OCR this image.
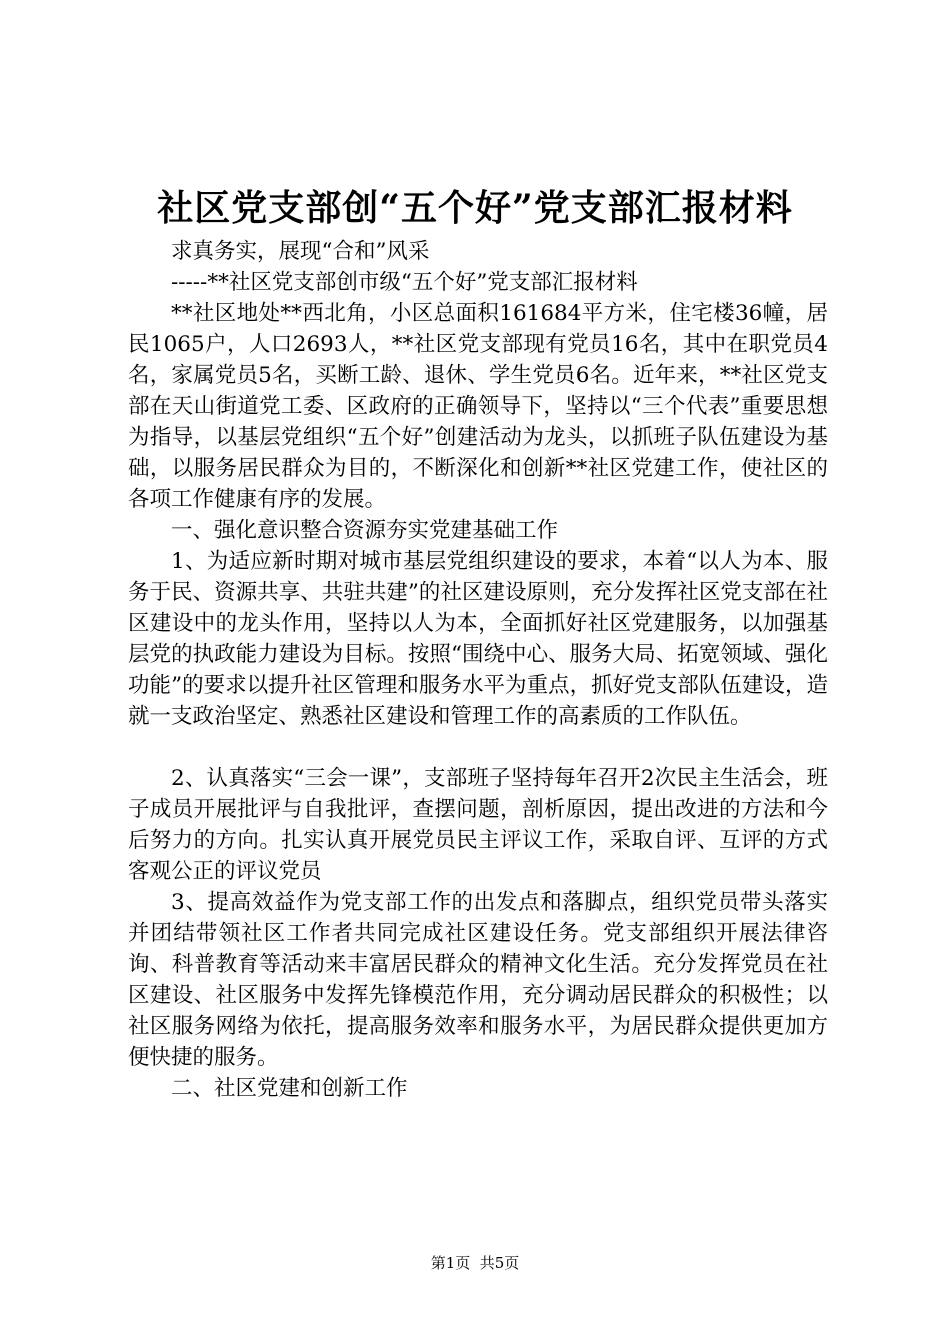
社区党支部创“五个好”党支部汇报材料

求真务实，展现“合和”风采

-----**社区党支部创市级“五个好”党支部汇报材料

**社区地处**西北角，小区总面积161684平方米，住宅楼36幢，居民1065户，人口2693人，**社区党支部现有党员16名，其中在职党员4名，家属党员5名，买断工龄、退休、学生党员6名。近年来，**社区党支部在天山街道党工委、区政府的正确领导下，坚持以“三个代表”重要思想为指导，以基层党组织“五个好”创建活动为龙头，以抓班子队伍建设为基础，以服务居民群众为目的，不断深化和创新**社区党建工作，使社区的各项工作健康有序的发展。

一、强化意识整合资源夯实党建基础工作

1、为适应新时期对城市基层党组织建设的要求，本着“以人为本、服务于民、资源共享、共驻共建”的社区建设原则，充分发挥社区党支部在社区建设中的龙头作用，坚持以人为本，全面抓好社区党建服务，以加强基层党的执政能力建设为目标。按照“围绕中心、服务大局、拓宽领域、强化功能”的要求以提升社区管理和服务水平为重点，抓好党支部队伍建设，造就一支政治坚定、熟悉社区建设和管理工作的高素质的工作队伍。

2、认真落实“三会一课”，支部班子坚持每年召开2次民主生活会，班子成员开展批评与自我批评，查摆问题，剖析原因，提出改进的方法和今后努力的方向。扎实认真开展党员民主评议工作，采取自评、互评的方式客观公正的评议党员

3、提高效益作为党支部工作的出发点和落脚点，组织党员带头落实并团结带领社区工作者共同完成社区建设任务。党支部组织开展法律咨询、科普教育等活动来丰富居民群众的精神文化生活。充分发挥党员在社区建设、社区服务中发挥先锋模范作用，充分调动居民群众的积极性；以社区服务网络为依托，提高服务效率和服务水平，为居民群众提供更加方便快捷的服务。

二、社区党建和创新工作

第1页  共5页
